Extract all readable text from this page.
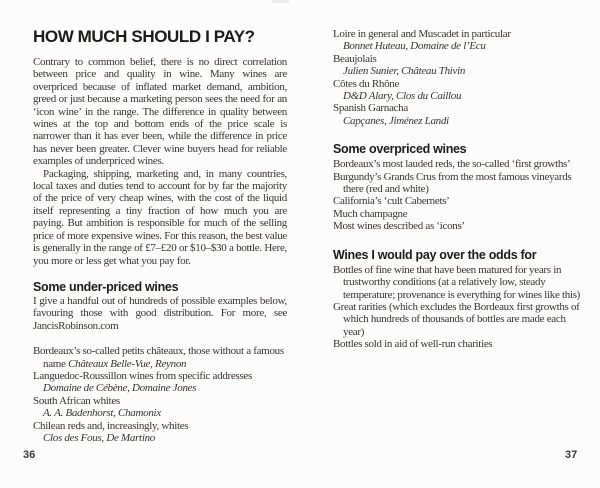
HOW MUCH SHOULD I PAY?

Contrary to common belief, there is no direct correlation between price and quality in wine. Many wines are overpriced because of inflated market demand, ambition, greed or just because a marketing person sees the need for an ‘icon wine’ in the range. The difference in quality between wines at the top and bottom ends of the price scale is narrower than it has ever been, while the difference in price has never been greater. Clever wine buyers head for reliable examples of underpriced wines.

Packaging, shipping, marketing and, in many countries, local taxes and duties tend to account for by far the majority of the price of very cheap wines, with the cost of the liquid itself representing a tiny fraction of how much you are paying. But ambition is responsible for much of the selling price of more expensive wines. For this reason, the best value is generally in the range of £7–£20 or $10–$30 a bottle. Here, you more or less get what you pay for.

Some under-priced wines

I give a handful out of hundreds of possible examples below, favouring those with good distribution. For more, see JancisRobinson.com

Bordeaux’s so-called petits châteaux, those without a famous name Châteaux Belle-Vue, Reynon

Languedoc-Roussillon wines from specific addresses
Domaine de Cébène, Domaine Jones

South African whites
A. A. Badenhorst, Chamonix

Chilean reds and, increasingly, whites
Clos des Fous, De Martino

Loire in general and Muscadet in particular
Bonnet Huteau, Domaine de l’Ecu

Beaujolais
Julien Sunier, Château Thivin

Côtes du Rhône
D&D Alary, Clos du Caillou

Spanish Garnacha
Capçanes, Jiménez Landi

Some overpriced wines

Bordeaux’s most lauded reds, the so-called ‘first growths’

Burgundy’s Grands Crus from the most famous vineyards there (red and white)

California’s ‘cult Cabernets’

Much champagne

Most wines described as ‘icons’

Wines I would pay over the odds for

Bottles of fine wine that have been matured for years in trustworthy conditions (at a relatively low, steady temperature; provenance is everything for wines like this)

Great rarities (which excludes the Bordeaux first growths of which hundreds of thousands of bottles are made each year)

Bottles sold in aid of well-run charities

36	37
